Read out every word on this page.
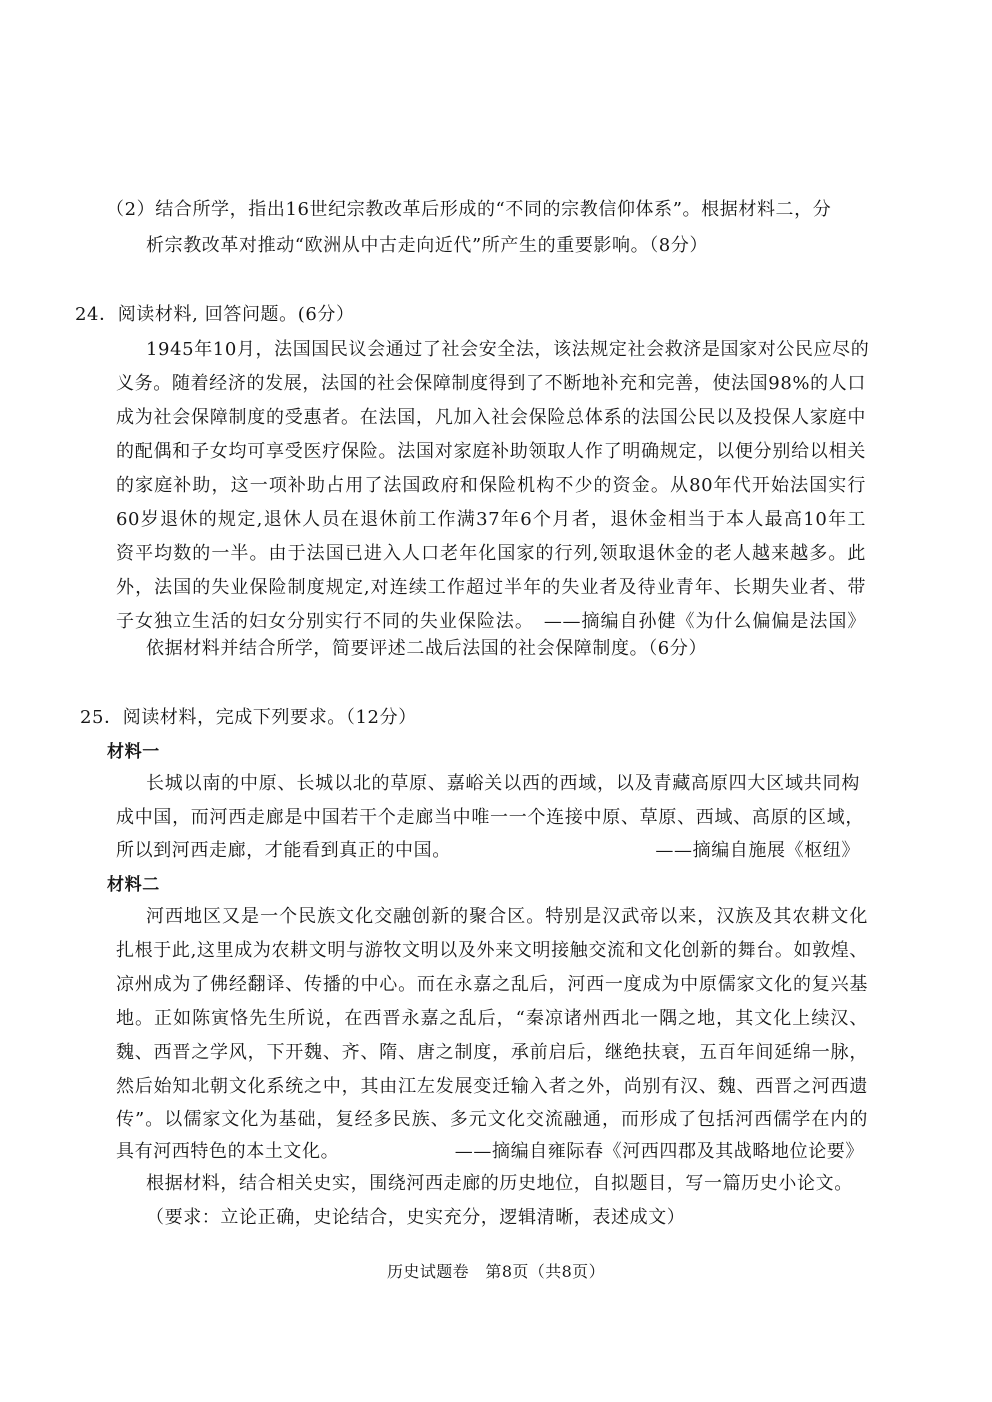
（2）结合所学，指出16世纪宗教改革后形成的“不同的宗教信仰体系”。根据材料二，分
析宗教改革对推动“欧洲从中古走向近代”所产生的重要影响。（8分）
24．阅读材料, 回答问题。(6分）
1945年10月，法国国民议会通过了社会安全法，该法规定社会救济是国家对公民应尽的
义务。随着经济的发展，法国的社会保障制度得到了不断地补充和完善，使法国98%的人口
成为社会保障制度的受惠者。在法国，凡加入社会保险总体系的法国公民以及投保人家庭中
的配偶和子女均可享受医疗保险。法国对家庭补助领取人作了明确规定，以便分别给以相关
的家庭补助，这一项补助占用了法国政府和保险机构不少的资金。从80年代开始法国实行
60岁退休的规定,退休人员在退休前工作满37年6个月者，退休金相当于本人最高10年工
资平均数的一半。由于法国已进入人口老年化国家的行列,领取退休金的老人越来越多。此
外，法国的失业保险制度规定,对连续工作超过半年的失业者及待业青年、长期失业者、带
子女独立生活的妇女分别实行不同的失业保险法。　——摘编自孙健《为什么偏偏是法国》
依据材料并结合所学，简要评述二战后法国的社会保障制度。（6分）
25．阅读材料，完成下列要求。（12分）
材料一
长城以南的中原、长城以北的草原、嘉峪关以西的西域，以及青藏高原四大区域共同构
成中国，而河西走廊是中国若干个走廊当中唯一一个连接中原、草原、西域、高原的区域，
所以到河西走廊，才能看到真正的中国。	——摘编自施展《枢纽》
材料二
河西地区又是一个民族文化交融创新的聚合区。特别是汉武帝以来，汉族及其农耕文化
扎根于此,这里成为农耕文明与游牧文明以及外来文明接触交流和文化创新的舞台。如敦煌、
凉州成为了佛经翻译、传播的中心。而在永嘉之乱后，河西一度成为中原儒家文化的复兴基
地。正如陈寅恪先生所说，在西晋永嘉之乱后，“秦凉诸州西北一隅之地，其文化上续汉、
魏、西晋之学风，下开魏、齐、隋、唐之制度，承前启后，继绝扶衰，五百年间延绵一脉，
然后始知北朝文化系统之中，其由江左发展变迁输入者之外，尚别有汉、魏、西晋之河西遗
传”。以儒家文化为基础，复经多民族、多元文化交流融通，而形成了包括河西儒学在内的
具有河西特色的本土文化。	——摘编自雍际春《河西四郡及其战略地位论要》
根据材料，结合相关史实，围绕河西走廊的历史地位，自拟题目，写一篇历史小论文。
（要求：立论正确，史论结合，史实充分，逻辑清晰，表述成文）
历史试题卷　第8页（共8页）
